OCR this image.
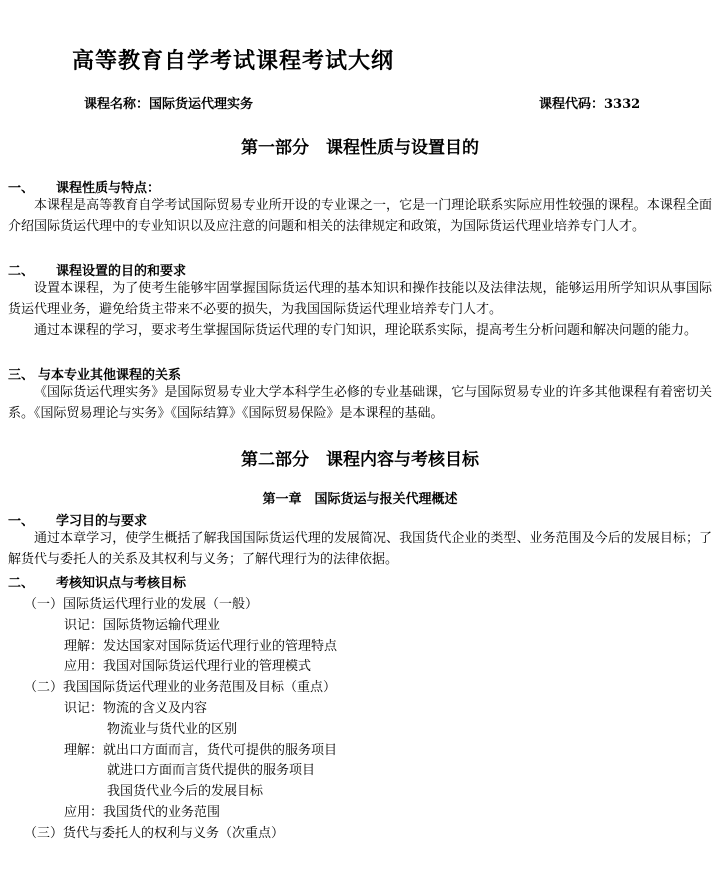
高等教育自学考试课程考试大纲
课程名称：国际货运代理实务	课程代码：3332
第一部分　课程性质与设置目的
一、 课程性质与特点：
本课程是高等教育自学考试国际贸易专业所开设的专业课之一，它是一门理论联系实际应用性较强的课程。本课程全面介绍国际货运代理中的专业知识以及应注意的问题和相关的法律规定和政策，为国际货运代理业培养专门人才。
二、 课程设置的目的和要求
设置本课程，为了使考生能够牢固掌握国际货运代理的基本知识和操作技能以及法律法规，能够运用所学知识从事国际货运代理业务，避免给货主带来不必要的损失，为我国国际货运代理业培养专门人才。
通过本课程的学习，要求考生掌握国际货运代理的专门知识，理论联系实际，提高考生分析问题和解决问题的能力。
三、 与本专业其他课程的关系
《国际货运代理实务》是国际贸易专业大学本科学生必修的专业基础课，它与国际贸易专业的许多其他课程有着密切关系。《国际贸易理论与实务》《国际结算》《国际贸易保险》是本课程的基础。
第二部分　课程内容与考核目标
第一章　国际货运与报关代理概述
一、 学习目的与要求
通过本章学习，使学生概括了解我国国际货运代理的发展简况、我国货代企业的类型、业务范围及今后的发展目标；了解货代与委托人的关系及其权利与义务；了解代理行为的法律依据。
二、 考核知识点与考核目标
（一）国际货运代理行业的发展（一般）
识记：国际货物运输代理业
理解：发达国家对国际货运代理行业的管理特点
应用：我国对国际货运代理行业的管理模式
（二）我国国际货运代理业的业务范围及目标（重点）
识记：物流的含义及内容
物流业与货代业的区别
理解：就出口方面而言，货代可提供的服务项目
就进口方面而言货代提供的服务项目
我国货代业今后的发展目标
应用：我国货代的业务范围
（三）货代与委托人的权利与义务（次重点）
